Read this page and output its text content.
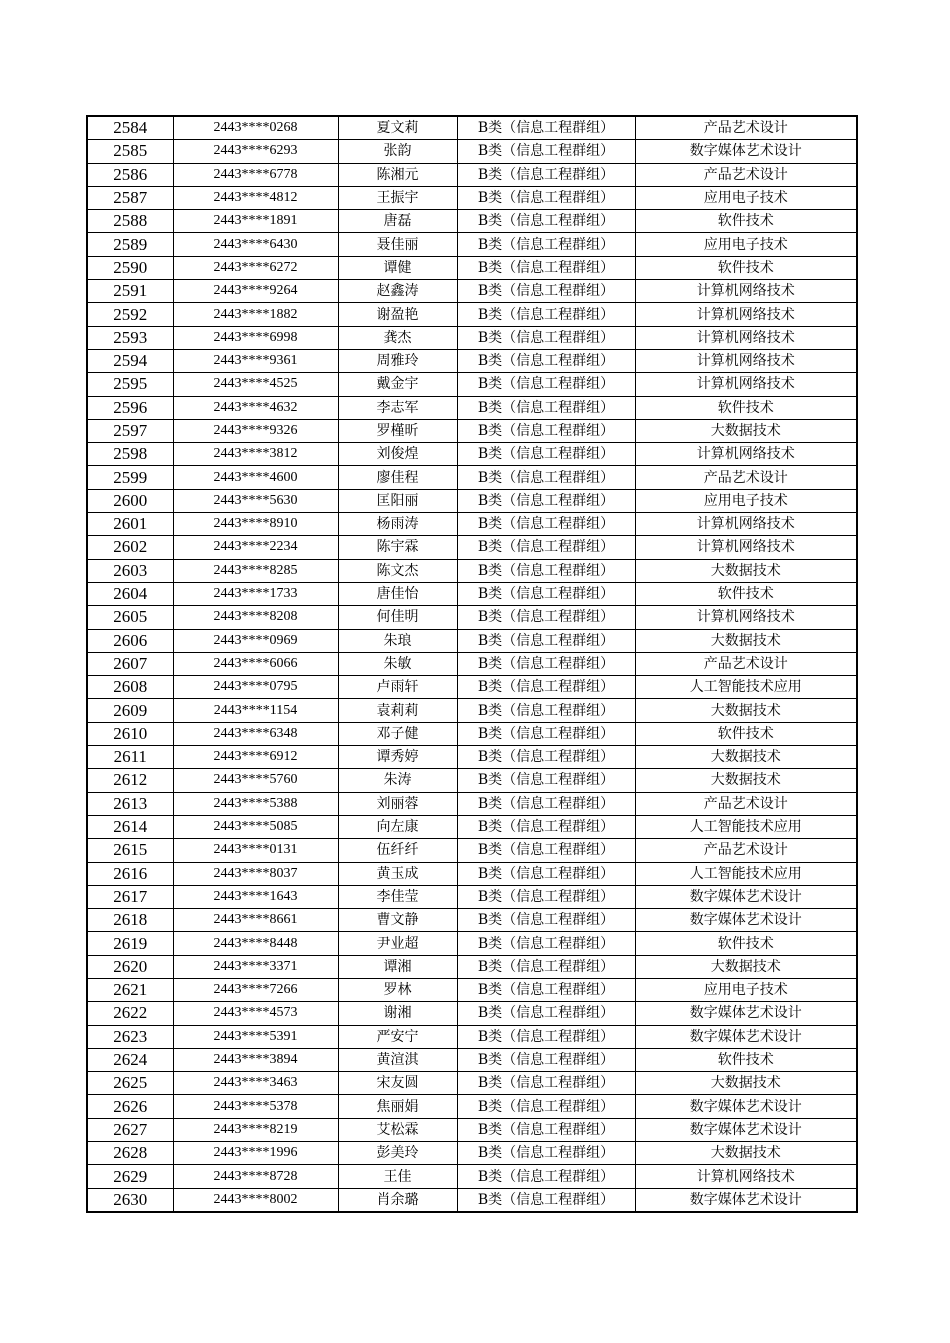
2584	2443****0268	夏文莉	B类（信息工程群组）	产品艺术设计
2585	2443****6293	张韵	B类（信息工程群组）	数字媒体艺术设计
2586	2443****6778	陈湘元	B类（信息工程群组）	产品艺术设计
2587	2443****4812	王振宇	B类（信息工程群组）	应用电子技术
2588	2443****1891	唐磊	B类（信息工程群组）	软件技术
2589	2443****6430	聂佳丽	B类（信息工程群组）	应用电子技术
2590	2443****6272	谭健	B类（信息工程群组）	软件技术
2591	2443****9264	赵鑫涛	B类（信息工程群组）	计算机网络技术
2592	2443****1882	谢盈艳	B类（信息工程群组）	计算机网络技术
2593	2443****6998	龚杰	B类（信息工程群组）	计算机网络技术
2594	2443****9361	周雅玲	B类（信息工程群组）	计算机网络技术
2595	2443****4525	戴金宇	B类（信息工程群组）	计算机网络技术
2596	2443****4632	李志军	B类（信息工程群组）	软件技术
2597	2443****9326	罗槿昕	B类（信息工程群组）	大数据技术
2598	2443****3812	刘俊煌	B类（信息工程群组）	计算机网络技术
2599	2443****4600	廖佳程	B类（信息工程群组）	产品艺术设计
2600	2443****5630	匡阳丽	B类（信息工程群组）	应用电子技术
2601	2443****8910	杨雨涛	B类（信息工程群组）	计算机网络技术
2602	2443****2234	陈宇霖	B类（信息工程群组）	计算机网络技术
2603	2443****8285	陈文杰	B类（信息工程群组）	大数据技术
2604	2443****1733	唐佳怡	B类（信息工程群组）	软件技术
2605	2443****8208	何佳明	B类（信息工程群组）	计算机网络技术
2606	2443****0969	朱琅	B类（信息工程群组）	大数据技术
2607	2443****6066	朱敏	B类（信息工程群组）	产品艺术设计
2608	2443****0795	卢雨轩	B类（信息工程群组）	人工智能技术应用
2609	2443****1154	袁莉莉	B类（信息工程群组）	大数据技术
2610	2443****6348	邓子健	B类（信息工程群组）	软件技术
2611	2443****6912	谭秀婷	B类（信息工程群组）	大数据技术
2612	2443****5760	朱涛	B类（信息工程群组）	大数据技术
2613	2443****5388	刘丽蓉	B类（信息工程群组）	产品艺术设计
2614	2443****5085	向左康	B类（信息工程群组）	人工智能技术应用
2615	2443****0131	伍纤纤	B类（信息工程群组）	产品艺术设计
2616	2443****8037	黄玉成	B类（信息工程群组）	人工智能技术应用
2617	2443****1643	李佳莹	B类（信息工程群组）	数字媒体艺术设计
2618	2443****8661	曹文静	B类（信息工程群组）	数字媒体艺术设计
2619	2443****8448	尹业超	B类（信息工程群组）	软件技术
2620	2443****3371	谭湘	B类（信息工程群组）	大数据技术
2621	2443****7266	罗林	B类（信息工程群组）	应用电子技术
2622	2443****4573	谢湘	B类（信息工程群组）	数字媒体艺术设计
2623	2443****5391	严安宁	B类（信息工程群组）	数字媒体艺术设计
2624	2443****3894	黄渲淇	B类（信息工程群组）	软件技术
2625	2443****3463	宋友圆	B类（信息工程群组）	大数据技术
2626	2443****5378	焦丽娟	B类（信息工程群组）	数字媒体艺术设计
2627	2443****8219	艾松霖	B类（信息工程群组）	数字媒体艺术设计
2628	2443****1996	彭美玲	B类（信息工程群组）	大数据技术
2629	2443****8728	王佳	B类（信息工程群组）	计算机网络技术
2630	2443****8002	肖余璐	B类（信息工程群组）	数字媒体艺术设计
